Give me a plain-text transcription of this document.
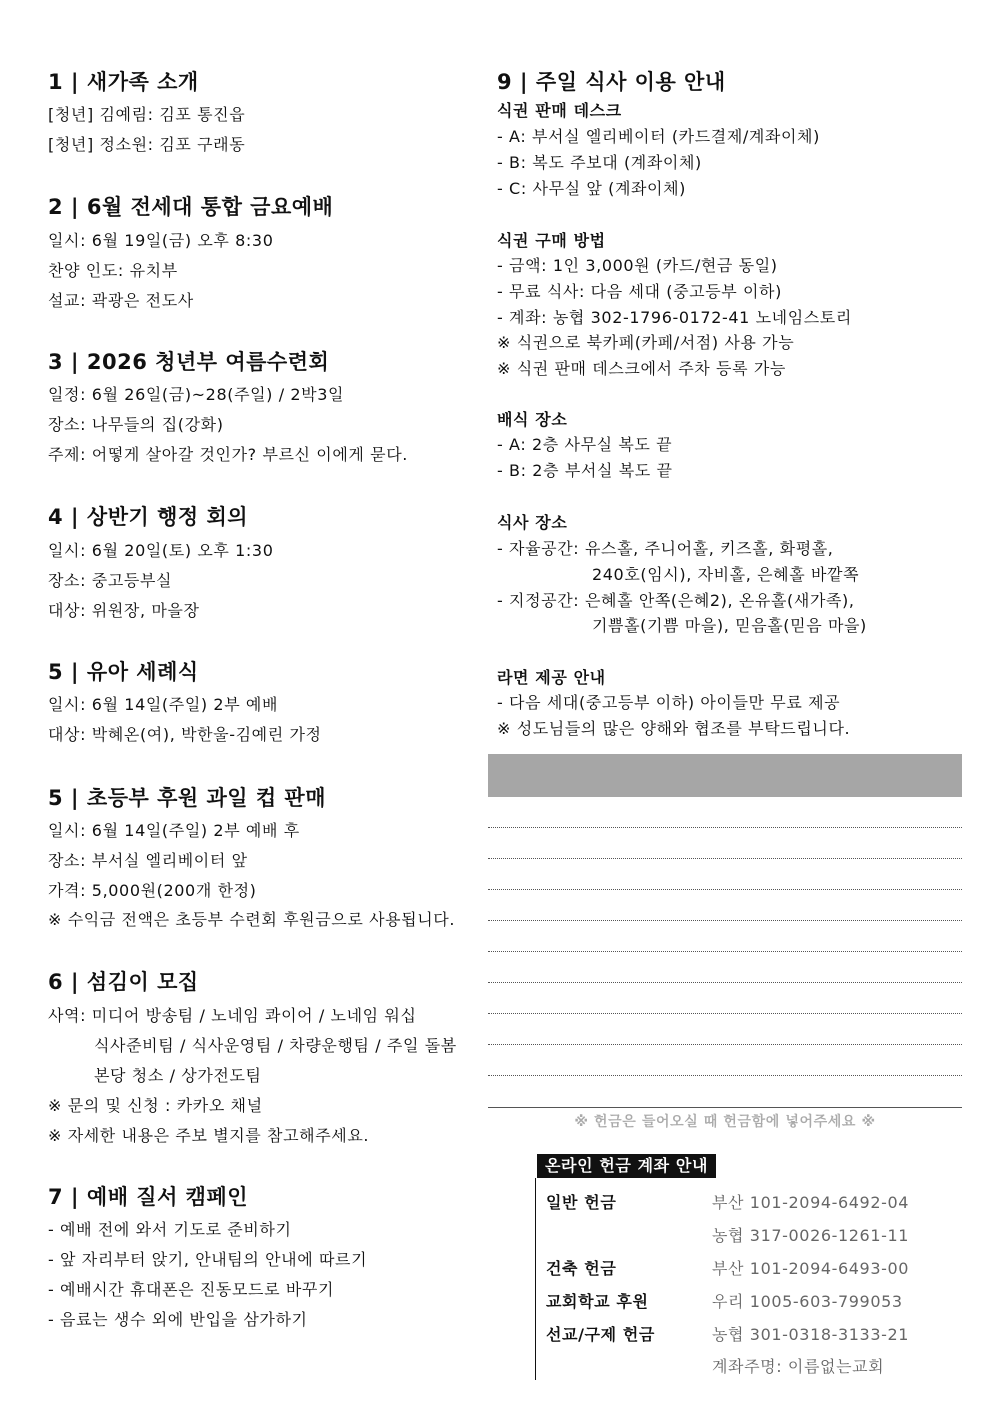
1 | 새가족 소개
[청년] 김예림: 김포 통진읍
[청년] 정소원: 김포 구래동
2 | 6월 전세대 통합 금요예배
일시: 6월 19일(금) 오후 8:30
찬양 인도: 유치부
설교: 곽광은 전도사
3 | 2026 청년부 여름수련회
일정: 6월 26일(금)~28(주일) / 2박3일
장소: 나무들의 집(강화)
주제: 어떻게 살아갈 것인가? 부르신 이에게 묻다.
4 | 상반기 행정 회의
일시: 6월 20일(토) 오후 1:30
장소: 중고등부실
대상: 위원장, 마을장
5 | 유아 세례식
일시: 6월 14일(주일) 2부 예배
대상: 박혜온(여), 박한울-김예린 가정
5 | 초등부 후원 과일 컵 판매
일시: 6월 14일(주일) 2부 예배 후
장소: 부서실 엘리베이터 앞
가격: 5,000원(200개 한정)
※ 수익금 전액은 초등부 수련회 후원금으로 사용됩니다.
6 | 섬김이 모집
사역: 미디어 방송팀 / 노네임 콰이어 / 노네임 워십
식사준비팀 / 식사운영팀 / 차량운행팀 / 주일 돌봄
본당 청소 / 상가전도팀
※ 문의 및 신청 : 카카오 채널
※ 자세한 내용은 주보 별지를 참고해주세요.
7 | 예배 질서 캠페인
- 예배 전에 와서 기도로 준비하기
- 앞 자리부터 앉기, 안내팀의 안내에 따르기
- 예배시간 휴대폰은 진동모드로 바꾸기
- 음료는 생수 외에 반입을 삼가하기
9 | 주일 식사 이용 안내
식권 판매 데스크
- A: 부서실 엘리베이터 (카드결제/계좌이체)
- B: 복도 주보대 (계좌이체)
- C: 사무실 앞 (계좌이체)
식권 구매 방법
- 금액: 1인 3,000원 (카드/현금 동일)
- 무료 식사: 다음 세대 (중고등부 이하)
- 계좌: 농협 302-1796-0172-41 노네임스토리
※ 식권으로 북카페(카페/서점) 사용 가능
※ 식권 판매 데스크에서 주차 등록 가능
배식 장소
- A: 2층 사무실 복도 끝
- B: 2층 부서실 복도 끝
식사 장소
- 자율공간: 유스홀, 주니어홀, 키즈홀, 화평홀,
240호(임시), 자비홀, 은혜홀 바깥쪽
- 지정공간: 은혜홀 안쪽(은혜2), 온유홀(새가족),
기쁨홀(기쁨 마을), 믿음홀(믿음 마을)
라면 제공 안내
- 다음 세대(중고등부 이하) 아이들만 무료 제공
※ 성도님들의 많은 양해와 협조를 부탁드립니다.
※ 헌금은 들어오실 때 헌금함에 넣어주세요 ※
온라인 헌금 계좌 안내
일반 헌금	부산 101-2094-6492-04
농협 317-0026-1261-11
건축 헌금	부산 101-2094-6493-00
교회학교 후원	우리 1005-603-799053
선교/구제 헌금	농협 301-0318-3133-21
계좌주명: 이름없는교회
